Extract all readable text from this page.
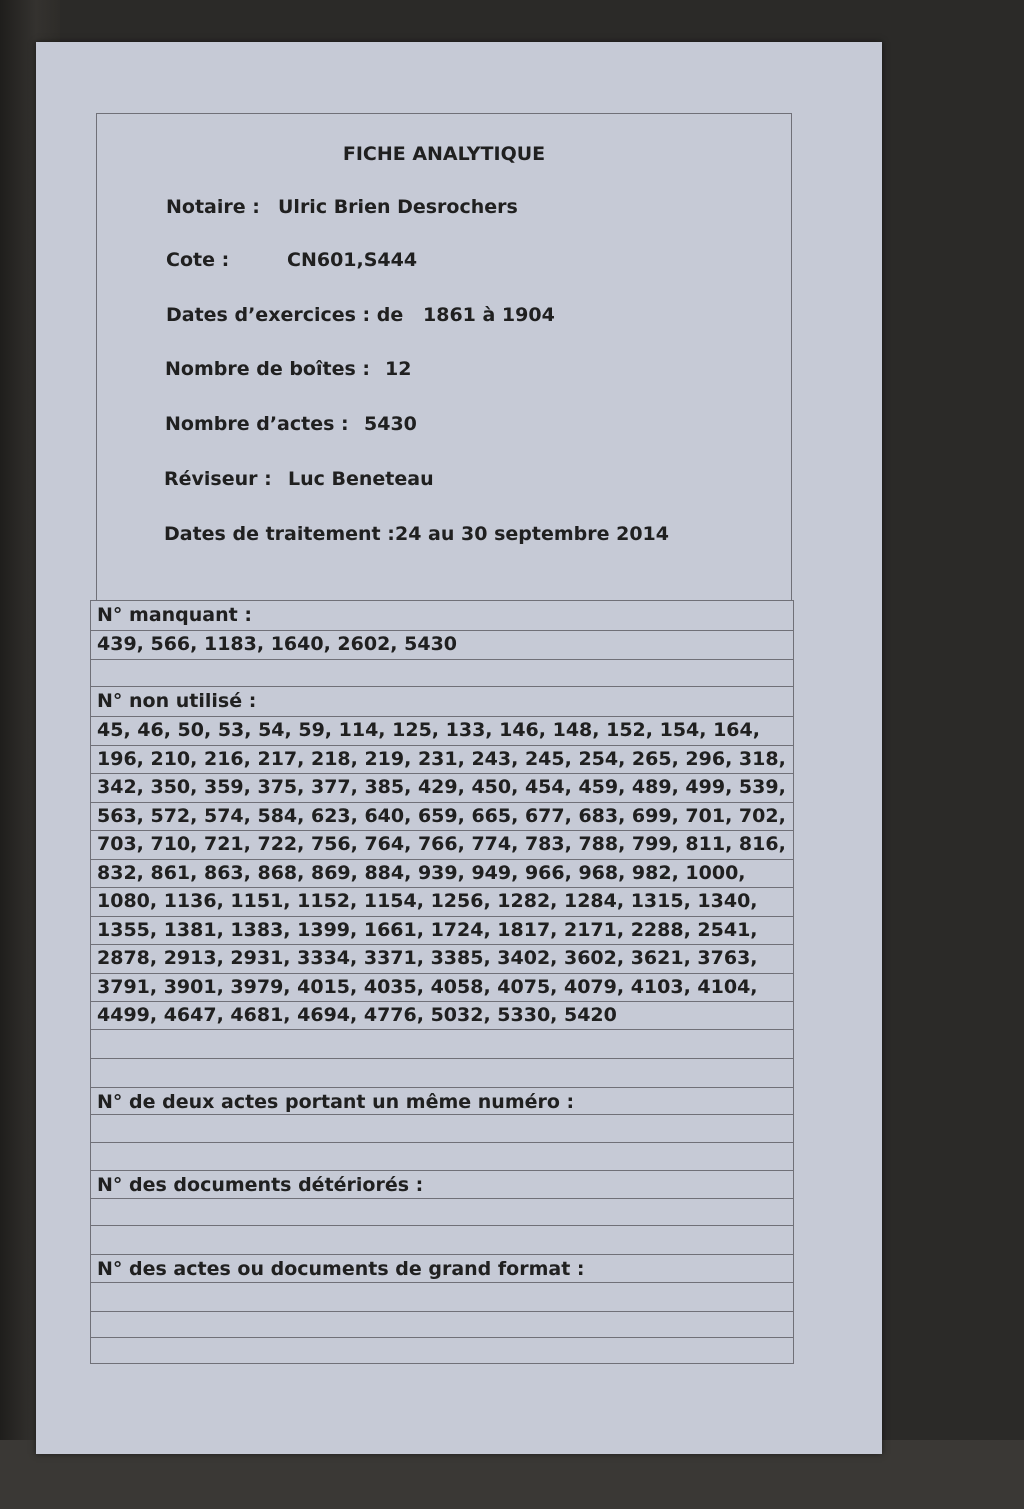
FICHE ANALYTIQUE
Notaire : Ulric Brien Desrochers
Cote :	CN601,S444
Dates d’exercices : de 1861 à 1904
Nombre de boîtes : 12
Nombre d’actes : 5430
Réviseur : Luc Beneteau
Dates de traitement : 24 au 30 septembre 2014
N° manquant :
439, 566, 1183, 1640, 2602, 5430
N° non utilisé :
45, 46, 50, 53, 54, 59, 114, 125, 133, 146, 148, 152, 154, 164,
196, 210, 216, 217, 218, 219, 231, 243, 245, 254, 265, 296, 318,
342, 350, 359, 375, 377, 385, 429, 450, 454, 459, 489, 499, 539,
563, 572, 574, 584, 623, 640, 659, 665, 677, 683, 699, 701, 702,
703, 710, 721, 722, 756, 764, 766, 774, 783, 788, 799, 811, 816,
832, 861, 863, 868, 869, 884, 939, 949, 966, 968, 982, 1000,
1080, 1136, 1151, 1152, 1154, 1256, 1282, 1284, 1315, 1340,
1355, 1381, 1383, 1399, 1661, 1724, 1817, 2171, 2288, 2541,
2878, 2913, 2931, 3334, 3371, 3385, 3402, 3602, 3621, 3763,
3791, 3901, 3979, 4015, 4035, 4058, 4075, 4079, 4103, 4104,
4499, 4647, 4681, 4694, 4776, 5032, 5330, 5420
N° de deux actes portant un même numéro :
N° des documents détériorés :
N° des actes ou documents de grand format :
